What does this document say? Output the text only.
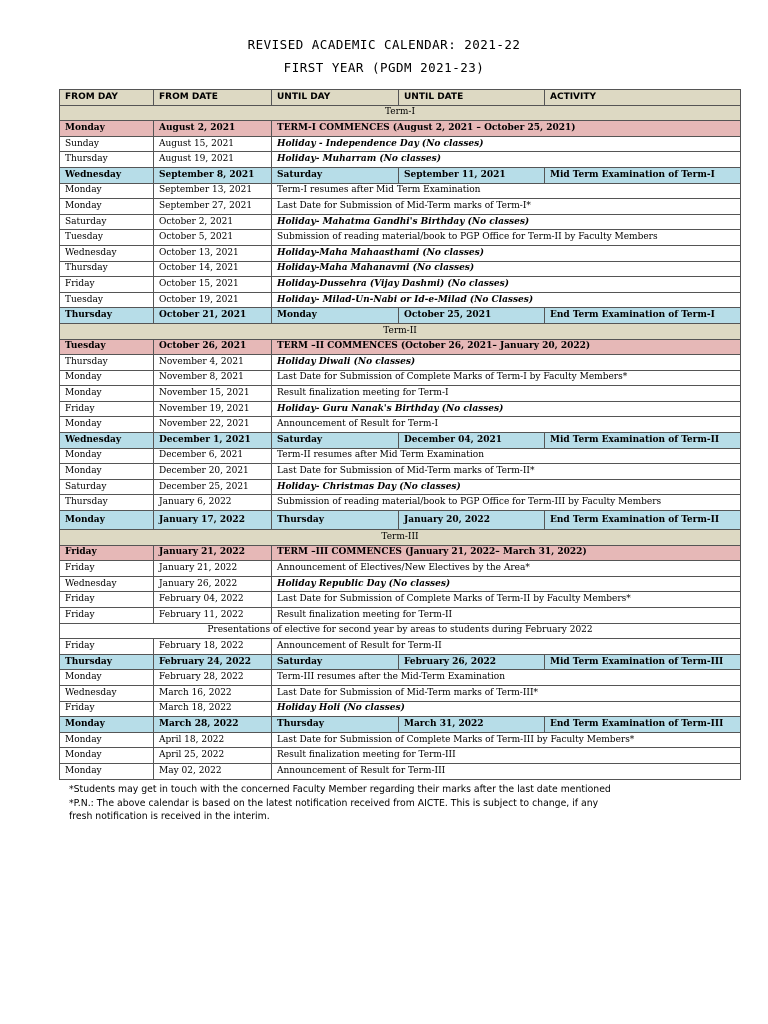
REVISED ACADEMIC CALENDAR: 2021-22
FIRST YEAR (PGDM 2021-23)
FROM DAY	FROM DATE	UNTIL DAY	UNTIL DATE	ACTIVITY
Term-I				
Monday	August 2, 2021	TERM-I COMMENCES (August 2, 2021 – October 25, 2021)		
Sunday	August 15, 2021	Holiday - Independence Day (No classes)		
Thursday	August 19, 2021	Holiday- Muharram (No classes)		
Wednesday	September 8, 2021	Saturday	September 11, 2021	Mid Term Examination of Term-I
Monday	September 13, 2021	Term-I resumes after Mid Term Examination		
Monday	September 27, 2021	Last Date for Submission of Mid-Term marks of Term-I*		
Saturday	October 2, 2021	Holiday- Mahatma Gandhi's Birthday (No classes)		
Tuesday	October 5, 2021	Submission of reading material/book to PGP Office for Term-II by Faculty Members		
Wednesday	October 13, 2021	Holiday-Maha Mahaasthami (No classes)		
Thursday	October 14, 2021	Holiday-Maha Mahanavmi (No classes)		
Friday	October 15, 2021	Holiday-Dussehra (Vijay Dashmi) (No classes)		
Tuesday	October 19, 2021	Holiday- Milad-Un-Nabi or Id-e-Milad (No Classes)		
Thursday	October 21, 2021	Monday	October 25, 2021	End Term Examination of Term-I
Term-II				
Tuesday	October 26, 2021	TERM –II COMMENCES (October 26, 2021– January 20, 2022)		
Thursday	November 4, 2021	Holiday Diwali (No classes)		
Monday	November 8, 2021	Last Date for Submission of Complete Marks of Term-I by Faculty Members*		
Monday	November 15, 2021	Result finalization meeting for Term-I		
Friday	November 19, 2021	Holiday- Guru Nanak's Birthday (No classes)		
Monday	November 22, 2021	Announcement of Result for Term-I		
Wednesday	December 1, 2021	Saturday	December 04, 2021	Mid Term Examination of Term-II
Monday	December 6, 2021	Term-II resumes after Mid Term Examination		
Monday	December 20, 2021	Last Date for Submission of Mid-Term marks of Term-II*		
Saturday	December 25, 2021	Holiday- Christmas Day (No classes)		
Thursday	January 6, 2022	Submission of reading material/book to PGP Office for Term-III by Faculty Members		
Monday	January 17, 2022	Thursday	January 20, 2022	End Term Examination of Term-II
Term-III				
Friday	January 21, 2022	TERM –III COMMENCES (January 21, 2022– March 31, 2022)		
Friday	January 21, 2022	Announcement of Electives/New Electives by the Area*		
Wednesday	January 26, 2022	Holiday Republic Day (No classes)		
Friday	February 04, 2022	Last Date for Submission of Complete Marks of Term-II by Faculty Members*		
Friday	February 11, 2022	Result finalization meeting for Term-II		
Presentations of elective for second year by areas to students during February 2022				
Friday	February 18, 2022	Announcement of Result for Term-II		
Thursday	February 24, 2022	Saturday	February 26, 2022	Mid Term Examination of Term-III
Monday	February 28, 2022	Term-III resumes after the Mid-Term Examination		
Wednesday	March 16, 2022	Last Date for Submission of Mid-Term marks of Term-III*		
Friday	March 18, 2022	Holiday Holi (No classes)		
Monday	March 28, 2022	Thursday	March 31, 2022	End Term Examination of Term-III
Monday	April 18, 2022	Last Date for Submission of Complete Marks of Term-III by Faculty Members*		
Monday	April 25, 2022	Result finalization meeting for Term-III		
Monday	May 02, 2022	Announcement of Result for Term-III		
*Students may get in touch with the concerned Faculty Member regarding their marks after the last date mentioned
*P.N.: The above calendar is based on the latest notification received from AICTE. This is subject to change, if any
fresh notification is received in the interim.
